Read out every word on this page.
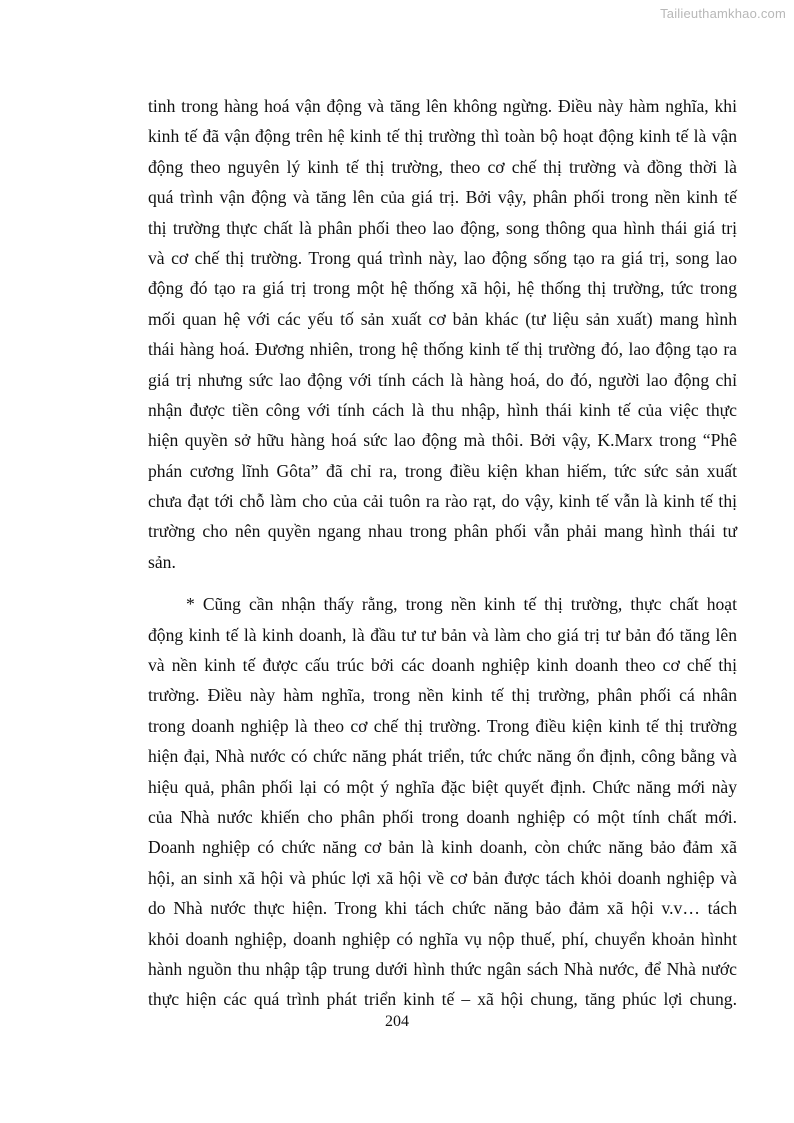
Tailieuthamkhao.com
tinh trong hàng hoá vận động và tăng lên không ngừng. Điều này hàm nghĩa, khi
kinh tế đã vận động trên hệ kinh tế thị trường thì toàn bộ hoạt động kinh tế là vận
động theo nguyên lý kinh tế thị trường, theo cơ chế thị trường và đồng thời là
quá trình vận động và tăng lên của giá trị. Bởi vậy, phân phối trong nền kinh tế
thị trường thực chất là phân phối theo lao động, song thông qua hình thái giá trị
và cơ chế thị trường. Trong quá trình này, lao động sống tạo ra giá trị, song lao
động đó tạo ra giá trị trong một hệ thống xã hội, hệ thống thị trường, tức trong
mối quan hệ với các yếu tố sản xuất cơ bản khác (tư liệu sản xuất) mang hình
thái hàng hoá. Đương nhiên, trong hệ thống kinh tế thị trường đó, lao động tạo ra
giá trị nhưng sức lao động với tính cách là hàng hoá, do đó, người lao động chỉ
nhận được tiền công với tính cách là thu nhập, hình thái kinh tế của việc thực
hiện quyền sở hữu hàng hoá sức lao động mà thôi. Bởi vậy, K.Marx trong “Phê
phán cương lĩnh Gôta” đã chỉ ra, trong điều kiện khan hiếm, tức sức sản xuất
chưa đạt tới chỗ làm cho của cải tuôn ra rào rạt, do vậy, kinh tế vẫn là kinh tế thị
trường cho nên quyền ngang nhau trong phân phối vẫn phải mang hình thái tư
sản.
* Cũng cần nhận thấy rằng, trong nền kinh tế thị trường, thực chất hoạt
động kinh tế là kinh doanh, là đầu tư tư bản và làm cho giá trị tư bản đó tăng lên
và nền kinh tế được cấu trúc bởi các doanh nghiệp kinh doanh theo cơ chế thị
trường. Điều này hàm nghĩa, trong nền kinh tế thị trường, phân phối cá nhân
trong doanh nghiệp là theo cơ chế thị trường. Trong điều kiện kinh tế thị trường
hiện đại, Nhà nước có chức năng phát triển, tức chức năng ổn định, công bằng và
hiệu quả, phân phối lại có một ý nghĩa đặc biệt quyết định. Chức năng mới này
của Nhà nước khiến cho phân phối trong doanh nghiệp có một tính chất mới.
Doanh nghiệp có chức năng cơ bản là kinh doanh, còn chức năng bảo đảm xã
hội, an sinh xã hội và phúc lợi xã hội về cơ bản được tách khỏi doanh nghiệp và
do Nhà nước thực hiện. Trong khi tách chức năng bảo đảm xã hội v.v… tách
khỏi doanh nghiệp, doanh nghiệp có nghĩa vụ nộp thuế, phí, chuyển khoản hìnht
hành nguồn thu nhập tập trung dưới hình thức ngân sách Nhà nước, để Nhà nước
thực hiện các quá trình phát triển kinh tế – xã hội chung, tăng phúc lợi chung.
204
